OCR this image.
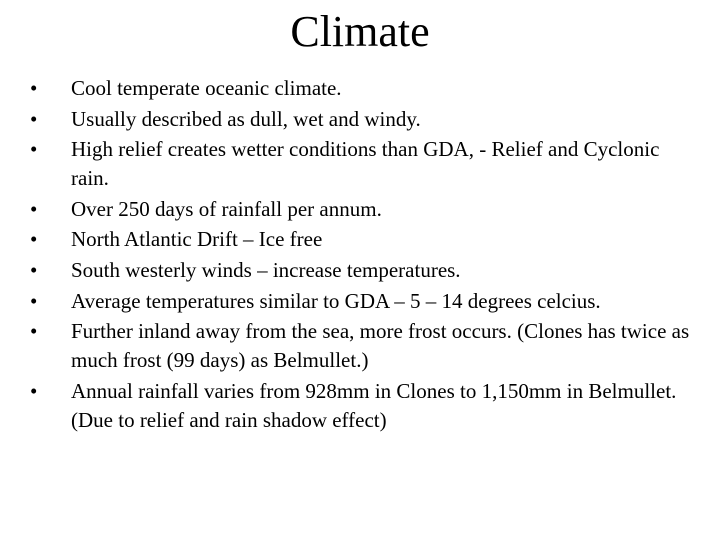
Climate
•	Cool temperate oceanic climate.
•	Usually described as dull, wet and windy.
•	High relief creates wetter conditions than GDA, - Relief and Cyclonic rain.
•	Over 250 days of rainfall per annum.
•	North Atlantic Drift – Ice free
•	South westerly winds – increase temperatures.
•	Average temperatures similar to GDA – 5 – 14 degrees celcius.
•	Further inland away from the sea, more frost occurs. (Clones has twice as much frost (99 days) as Belmullet.)
•	Annual rainfall varies from 928mm in Clones to 1,150mm in Belmullet. (Due to relief and rain shadow effect)
